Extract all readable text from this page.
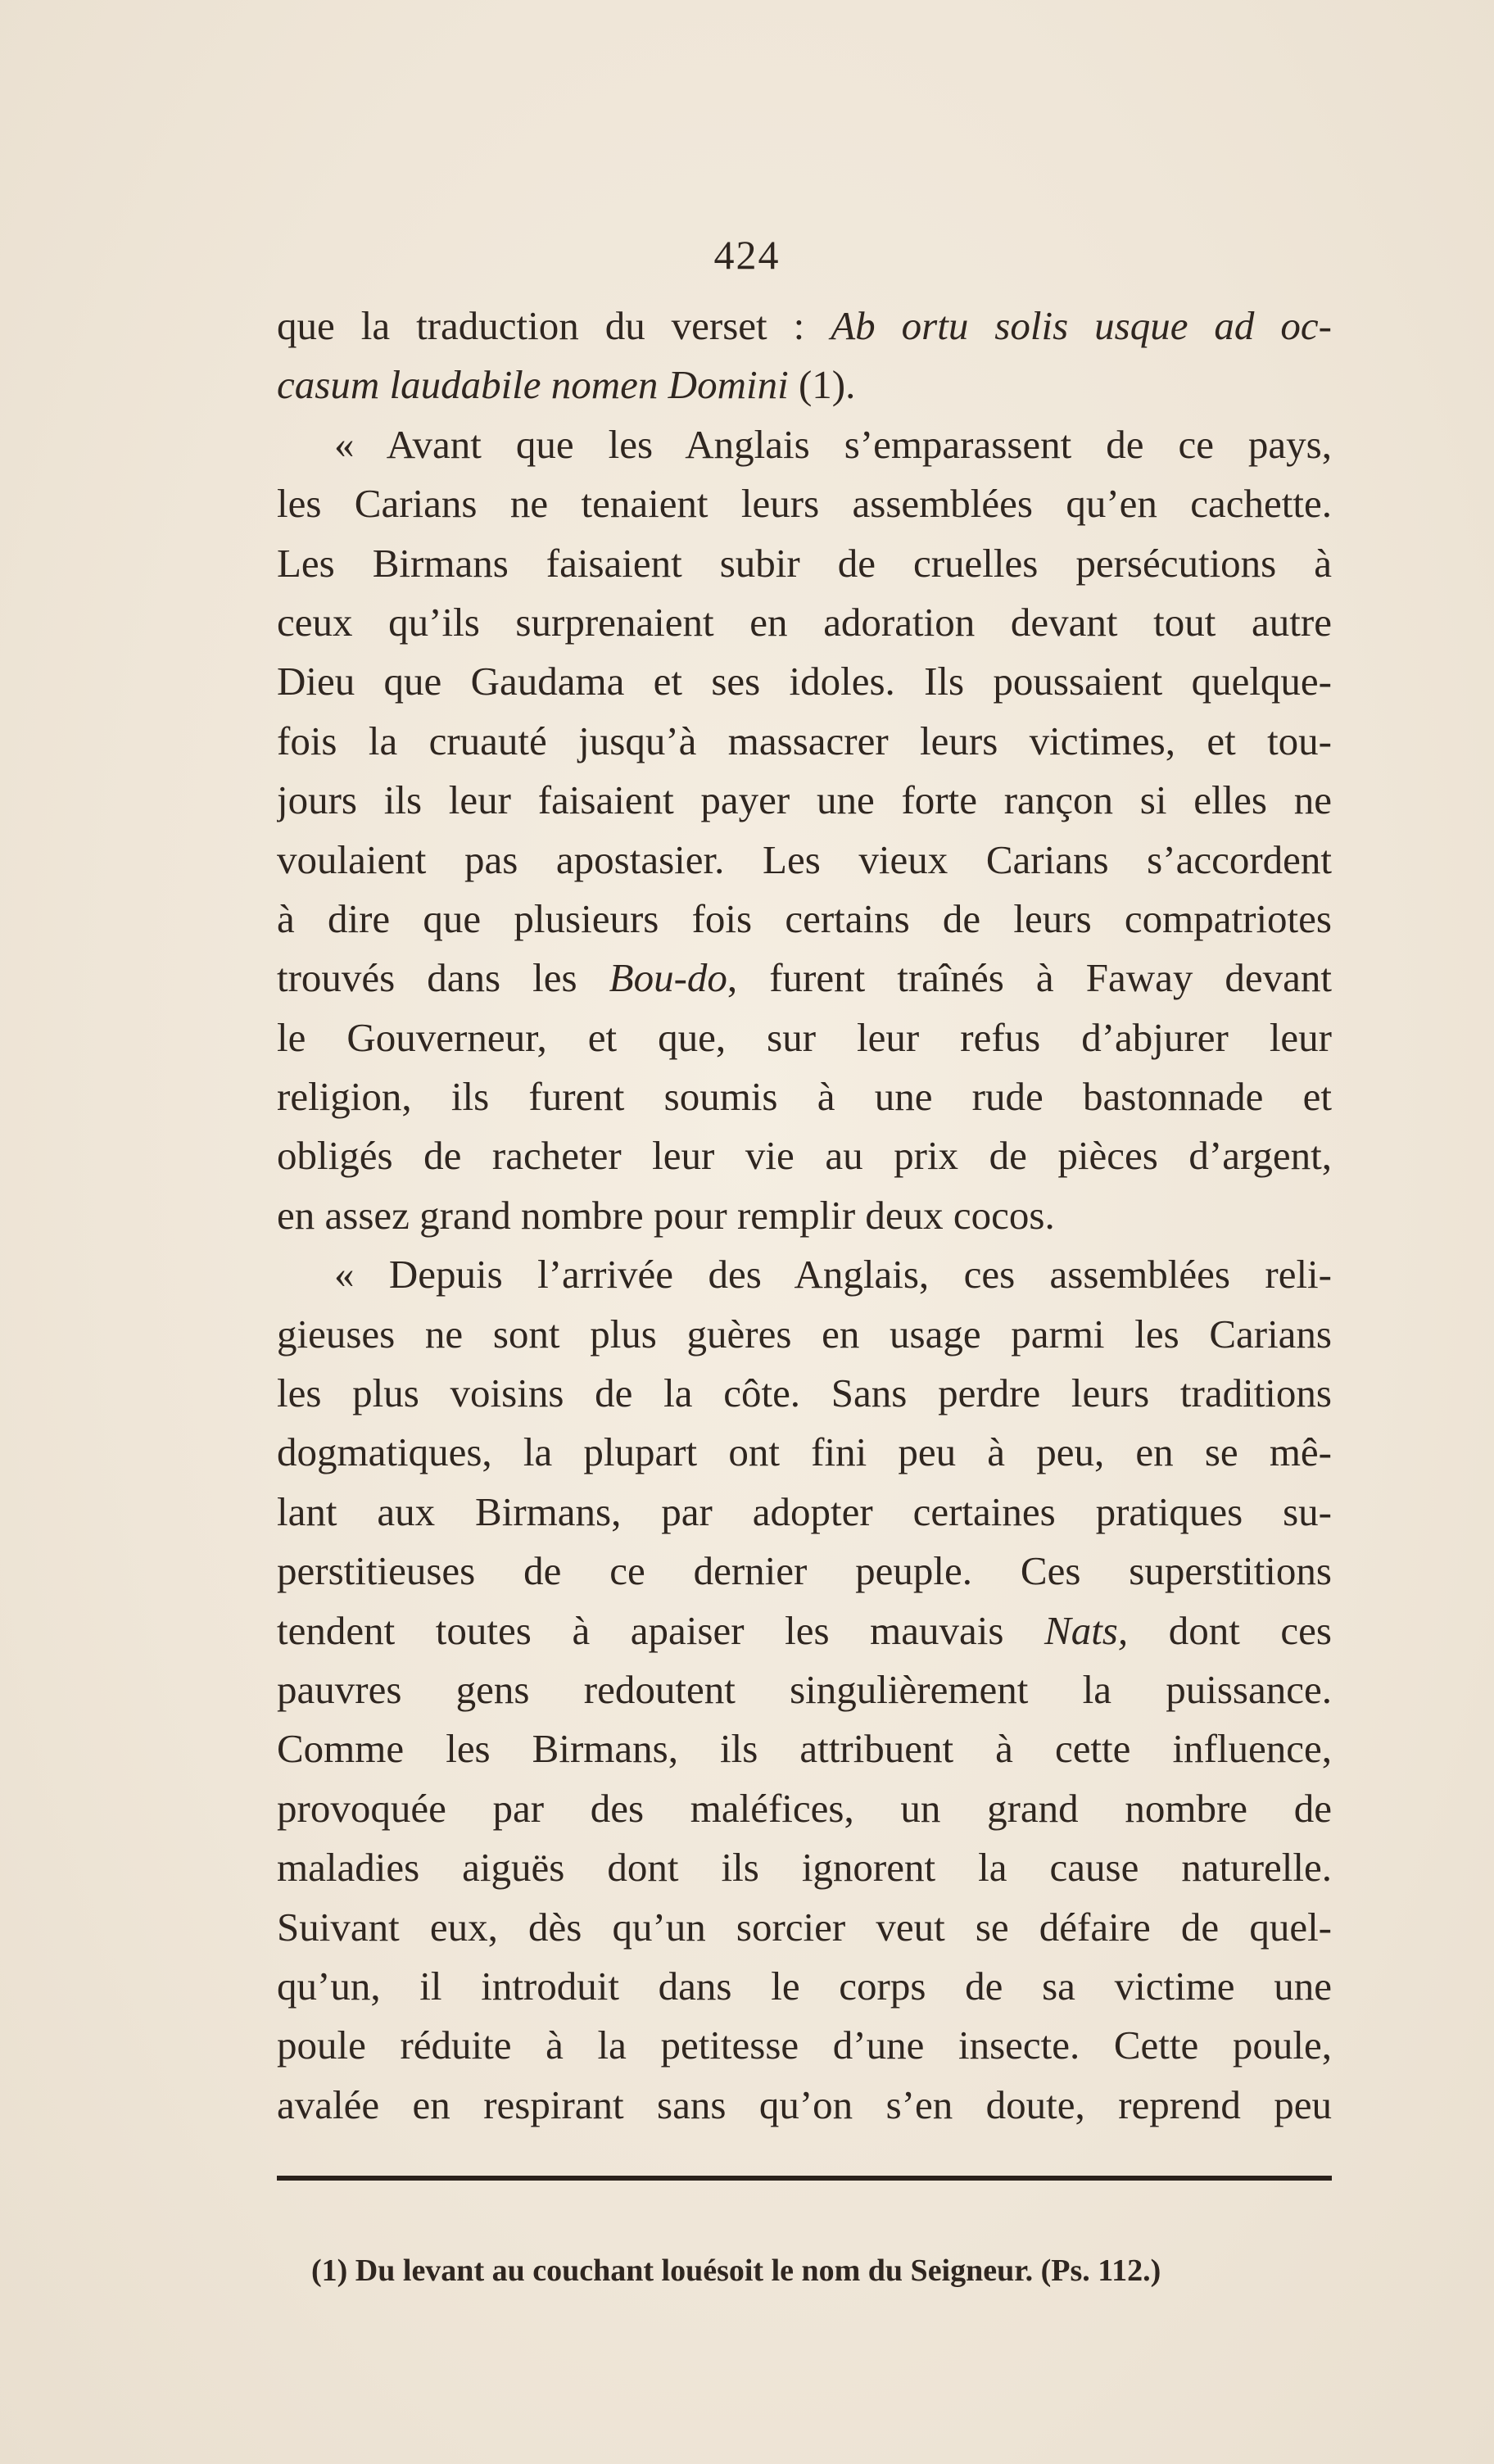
424
que la traduction du verset : Ab ortu solis usque ad oc-
casum laudabile nomen Domini (1).
« Avant que les Anglais s’emparassent de ce pays,
les Carians ne tenaient leurs assemblées qu’en cachette.
Les Birmans faisaient subir de cruelles persécutions à
ceux qu’ils surprenaient en adoration devant tout autre
Dieu que Gaudama et ses idoles. Ils poussaient quelque-
fois la cruauté jusqu’à massacrer leurs victimes, et tou-
jours ils leur faisaient payer une forte rançon si elles ne
voulaient pas apostasier. Les vieux Carians s’accordent
à dire que plusieurs fois certains de leurs compatriotes
trouvés dans les Bou-do, furent traînés à Faway devant
le Gouverneur, et que, sur leur refus d’abjurer leur
religion, ils furent soumis à une rude bastonnade et
obligés de racheter leur vie au prix de pièces d’argent,
en assez grand nombre pour remplir deux cocos.
« Depuis l’arrivée des Anglais, ces assemblées reli-
gieuses ne sont plus guères en usage parmi les Carians
les plus voisins de la côte. Sans perdre leurs traditions
dogmatiques, la plupart ont fini peu à peu, en se mê-
lant aux Birmans, par adopter certaines pratiques su-
perstitieuses de ce dernier peuple. Ces superstitions
tendent toutes à apaiser les mauvais Nats, dont ces
pauvres gens redoutent singulièrement la puissance.
Comme les Birmans, ils attribuent à cette influence,
provoquée par des maléfices, un grand nombre de
maladies aiguës dont ils ignorent la cause naturelle.
Suivant eux, dès qu’un sorcier veut se défaire de quel-
qu’un, il introduit dans le corps de sa victime une
poule réduite à la petitesse d’une insecte. Cette poule,
avalée en respirant sans qu’on s’en doute, reprend peu
(1) Du levant au couchant louésoit le nom du Seigneur. (Ps. 112.)
